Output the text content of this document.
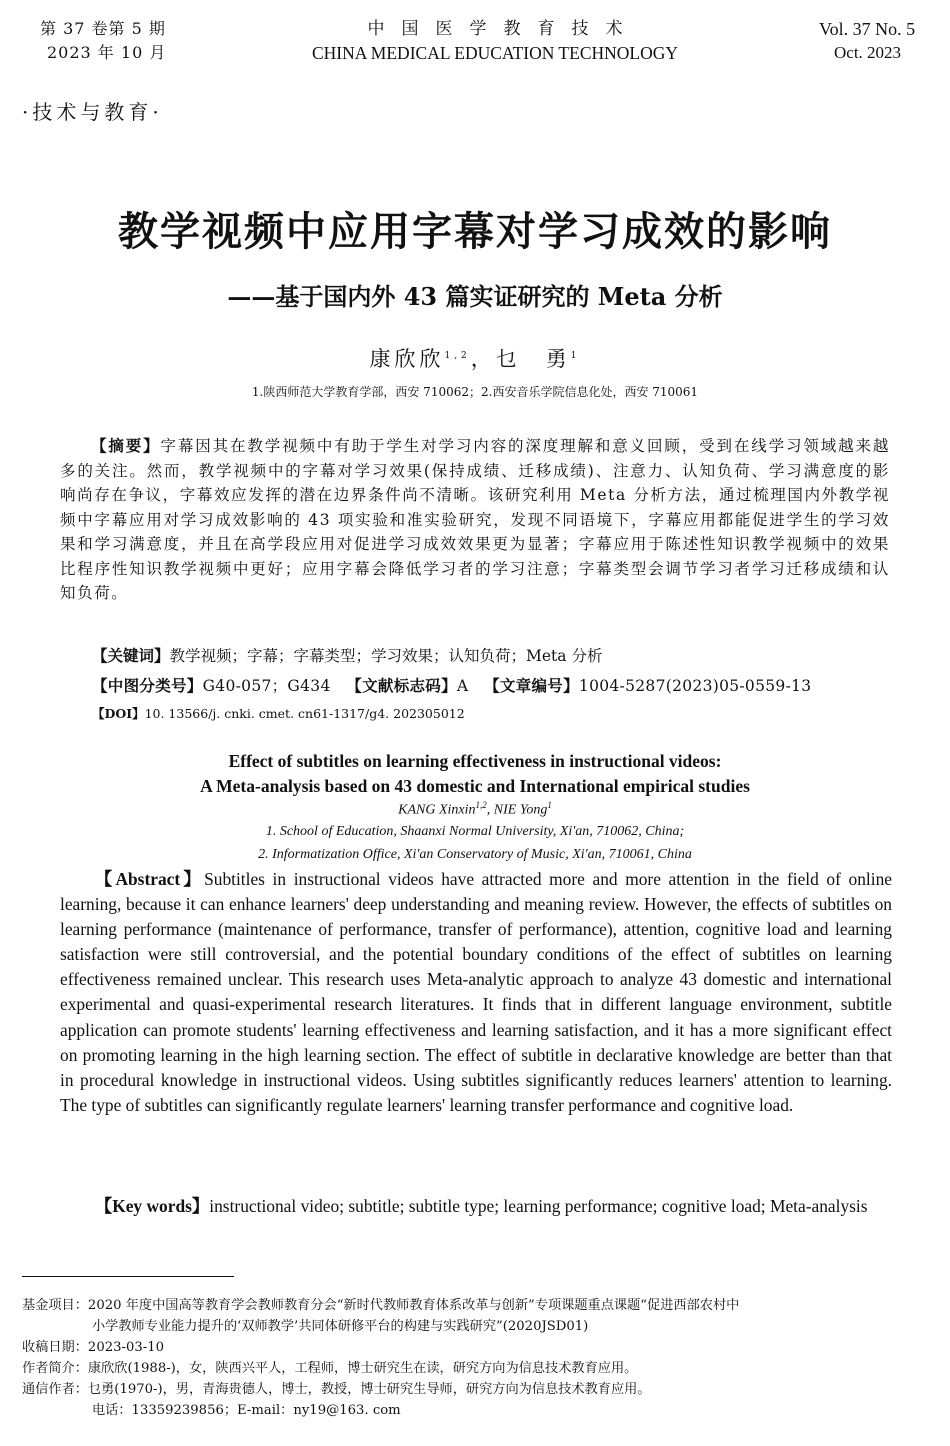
第 37 卷第 5 期
2023 年 10 月
中　国　医　学　教　育　技　术
CHINA MEDICAL EDUCATION TECHNOLOGY
Vol. 37 No. 5
Oct. 2023
·技术与教育·
教学视频中应用字幕对学习成效的影响
——基于国内外 43 篇实证研究的 Meta 分析
康欣欣$^{1,2}$，乜　勇$^1$
1.陕西师范大学教育学部，西安 710062；2.西安音乐学院信息化处，西安 710061
【摘要】字幕因其在教学视频中有助于学生对学习内容的深度理解和意义回顾，受到在线学习领域越来越多的关注。然而，教学视频中的字幕对学习效果(保持成绩、迁移成绩)、注意力、认知负荷、学习满意度的影响尚存在争议，字幕效应发挥的潜在边界条件尚不清晰。该研究利用 Meta 分析方法，通过梳理国内外教学视频中字幕应用对学习成效影响的 43 项实验和准实验研究，发现不同语境下，字幕应用都能促进学生的学习效果和学习满意度，并且在高学段应用对促进学习成效效果更为显著；字幕应用于陈述性知识教学视频中的效果比程序性知识教学视频中更好；应用字幕会降低学习者的学习注意；字幕类型会调节学习者学习迁移成绩和认知负荷。
【关键词】教学视频；字幕；字幕类型；学习效果；认知负荷；Meta 分析
【中图分类号】G40-057；G434 【文献标志码】A 【文章编号】1004-5287(2023)05-0559-13
【DOI】10. 13566/j. cnki. cmet. cn61-1317/g4. 202305012
Effect of subtitles on learning effectiveness in instructional videos:
A Meta-analysis based on 43 domestic and International empirical studies
KANG Xinxin$^{1,2}$, NIE Yong$^1$
1. School of Education, Shaanxi Normal University, Xi'an, 710062, China;
2. Informatization Office, Xi'an Conservatory of Music, Xi'an, 710061, China
【Abstract】Subtitles in instructional videos have attracted more and more attention in the field of online learning, because it can enhance learners' deep understanding and meaning review. However, the effects of subtitles on learning performance (maintenance of performance, transfer of performance), attention, cognitive load and learning satisfaction were still controversial, and the potential boundary conditions of the effect of subtitles on learning effectiveness remained unclear. This research uses Meta-analytic approach to analyze 43 domestic and international experimental and quasi-experimental research literatures. It finds that in different language environment, subtitle application can promote students' learning effectiveness and learning satisfaction, and it has a more significant effect on promoting learning in the high learning section. The effect of subtitle in declarative knowledge are better than that in procedural knowledge in instructional videos. Using subtitles significantly reduces learners' attention to learning. The type of subtitles can significantly regulate learners' learning transfer performance and cognitive load.
【Key words】instructional video; subtitle; subtitle type; learning performance; cognitive load; Meta-analysis
基金项目：2020 年度中国高等教育学会教师教育分会“新时代教师教育体系改革与创新”专项课题重点课题“促进西部农村中
小学教师专业能力提升的‘双师教学’共同体研修平台的构建与实践研究”(2020JSD01)
收稿日期：2023-03-10
作者简介：康欣欣(1988-)，女，陕西兴平人，工程师，博士研究生在读，研究方向为信息技术教育应用。
通信作者：乜勇(1970-)，男，青海贵德人，博士，教授，博士研究生导师，研究方向为信息技术教育应用。
电话：13359239856；E-mail：ny19@163. com
